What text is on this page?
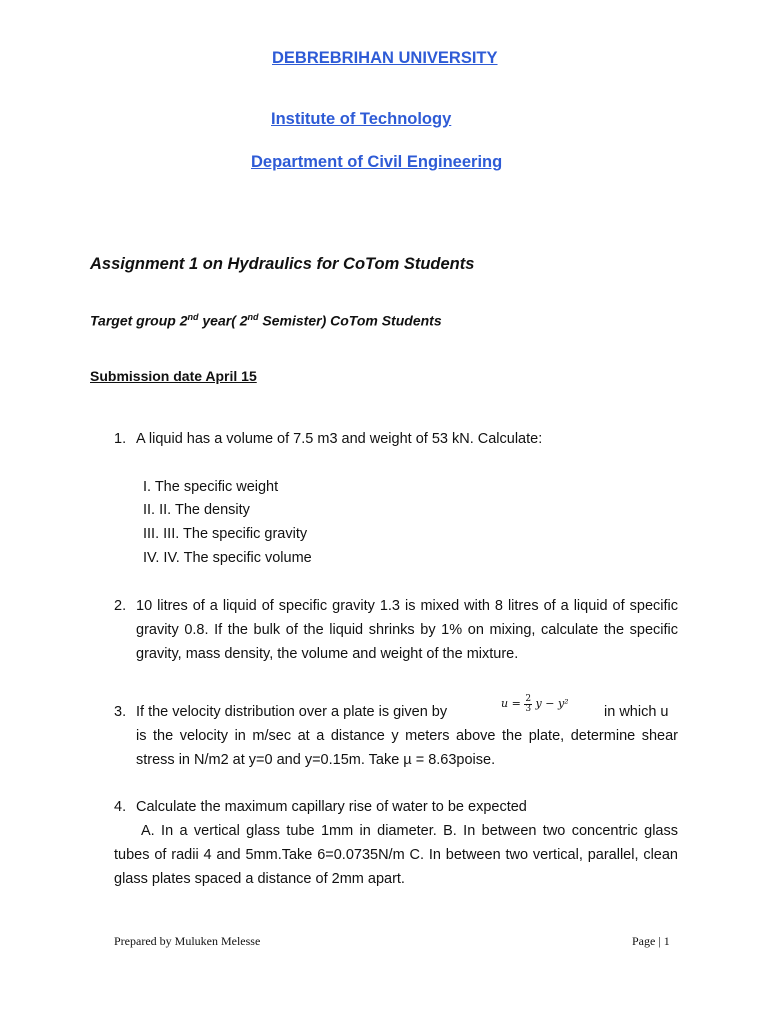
DEBREBRIHAN UNIVERSITY
Institute of Technology
Department of Civil Engineering
Assignment 1 on Hydraulics for CoTom Students
Target group 2nd year( 2nd Semister) CoTom Students
Submission date April 15
1. A liquid has a volume of 7.5 m3 and weight of 53 kN. Calculate:
I. The specific weight
II. II. The density
III. III. The specific gravity
IV. IV. The specific volume
2. 10 litres of a liquid of specific gravity 1.3 is mixed with 8 litres of a liquid of specific gravity 0.8. If the bulk of the liquid shrinks by 1% on mixing, calculate the specific gravity, mass density, the volume and weight of the mixture.
3. If the velocity distribution over a plate is given by
$u = \frac{2}{3}$ y − y²
in which u
is the velocity in m/sec at a distance y meters above the plate, determine shear stress in N/m2 at y=0 and y=0.15m. Take µ = 8.63poise.
4. Calculate the maximum capillary rise of water to be expected
A. In a vertical glass tube 1mm in diameter. B. In between two concentric glass tubes of radii 4 and 5mm.Take 6=0.0735N/m C. In between two vertical, parallel, clean glass plates spaced a distance of 2mm apart.
Prepared by Muluken Melesse	Page | 1
